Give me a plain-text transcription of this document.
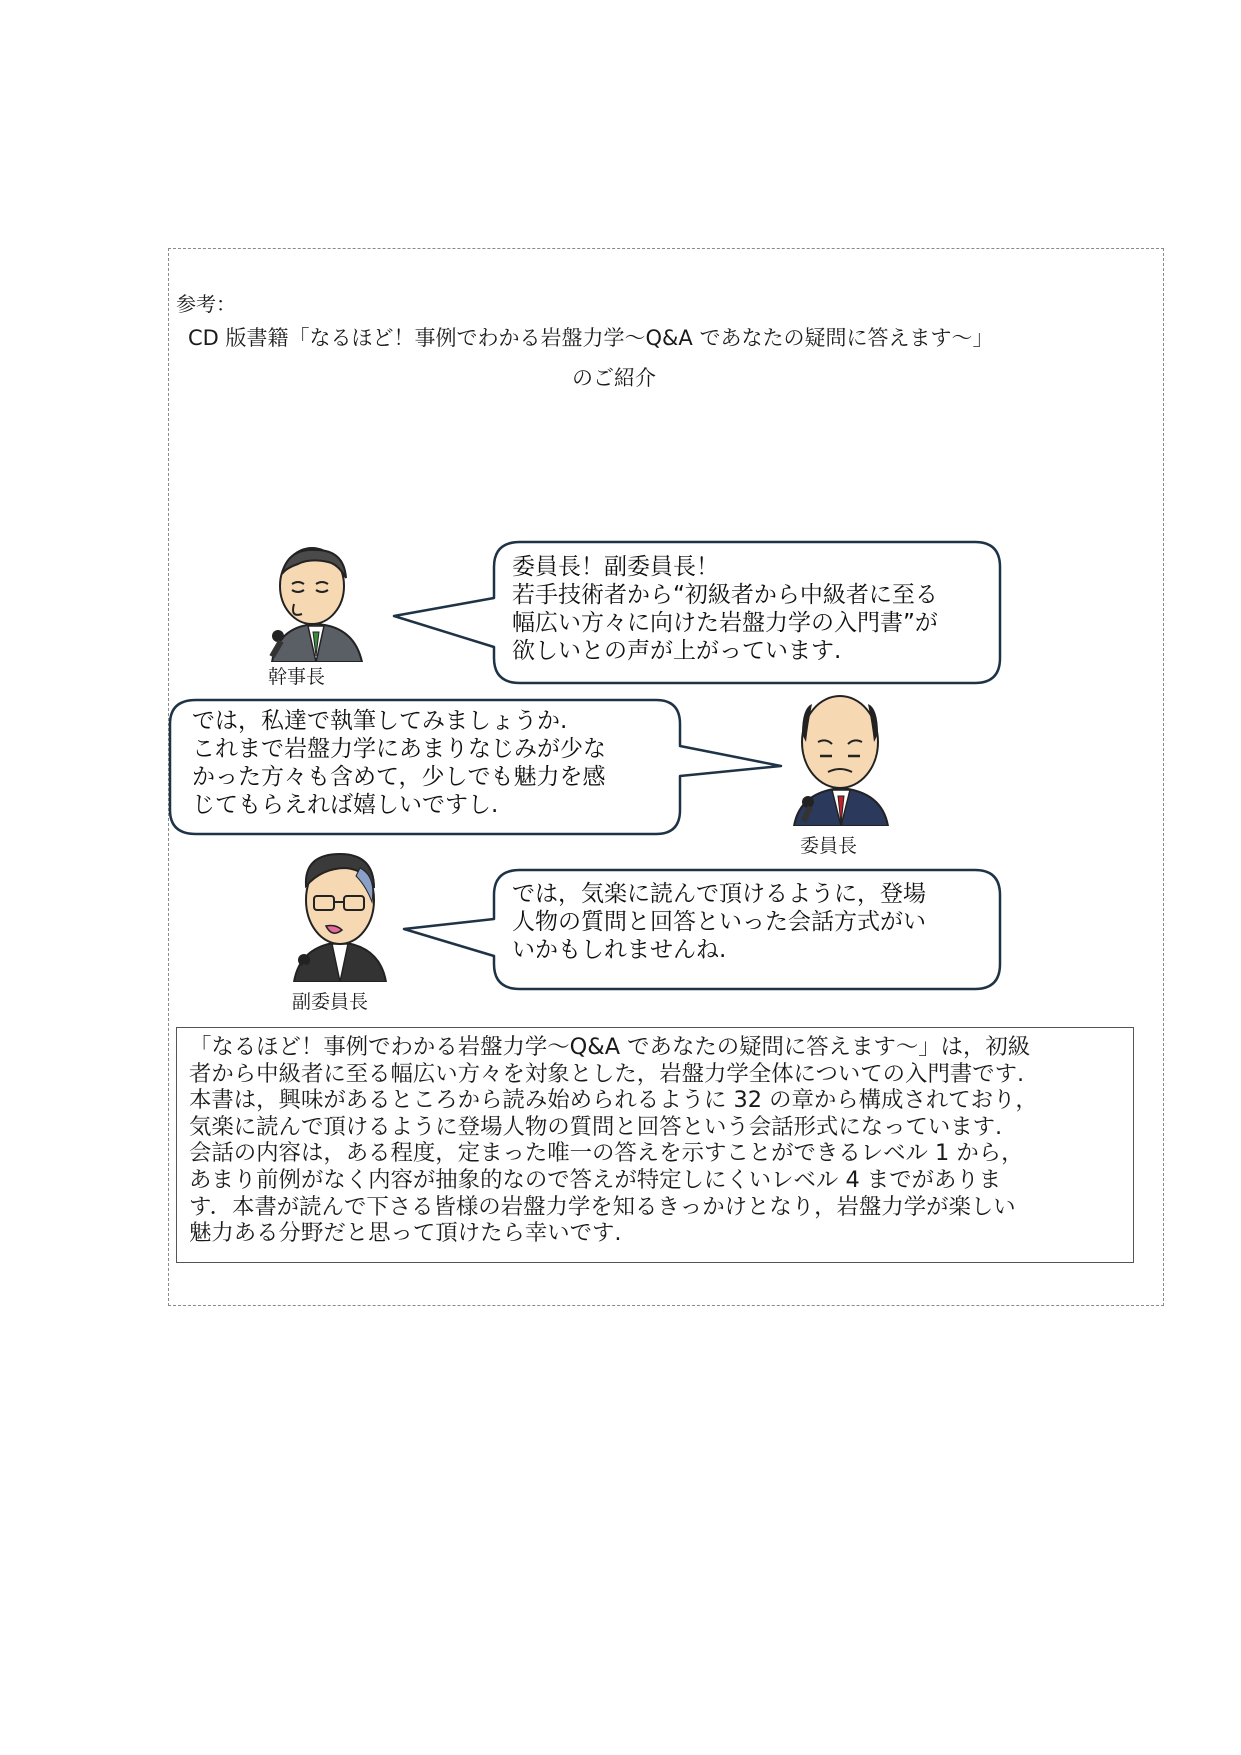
参考：
CD 版書籍「なるほど！事例でわかる岩盤力学～Q&A であなたの疑問に答えます～」
のご紹介
委員長！副委員長！
若手技術者から“初級者から中級者に至る
幅広い方々に向けた岩盤力学の入門書”が
欲しいとの声が上がっています.
では，私達で執筆してみましょうか.
これまで岩盤力学にあまりなじみが少な
かった方々も含めて，少しでも魅力を感
じてもらえれば嬉しいですし.
では，気楽に読んで頂けるように，登場
人物の質問と回答といった会話方式がい
いかもしれませんね.
幹事長
委員長
副委員長
「なるほど！事例でわかる岩盤力学～Q&A であなたの疑問に答えます～」は，初級
者から中級者に至る幅広い方々を対象とした，岩盤力学全体についての入門書です.
本書は，興味があるところから読み始められるように 32 の章から構成されており，
気楽に読んで頂けるように登場人物の質問と回答という会話形式になっています.
会話の内容は，ある程度，定まった唯一の答えを示すことができるレベル 1 から，
あまり前例がなく内容が抽象的なので答えが特定しにくいレベル 4 までがありま
す．本書が読んで下さる皆様の岩盤力学を知るきっかけとなり，岩盤力学が楽しい
魅力ある分野だと思って頂けたら幸いです.
